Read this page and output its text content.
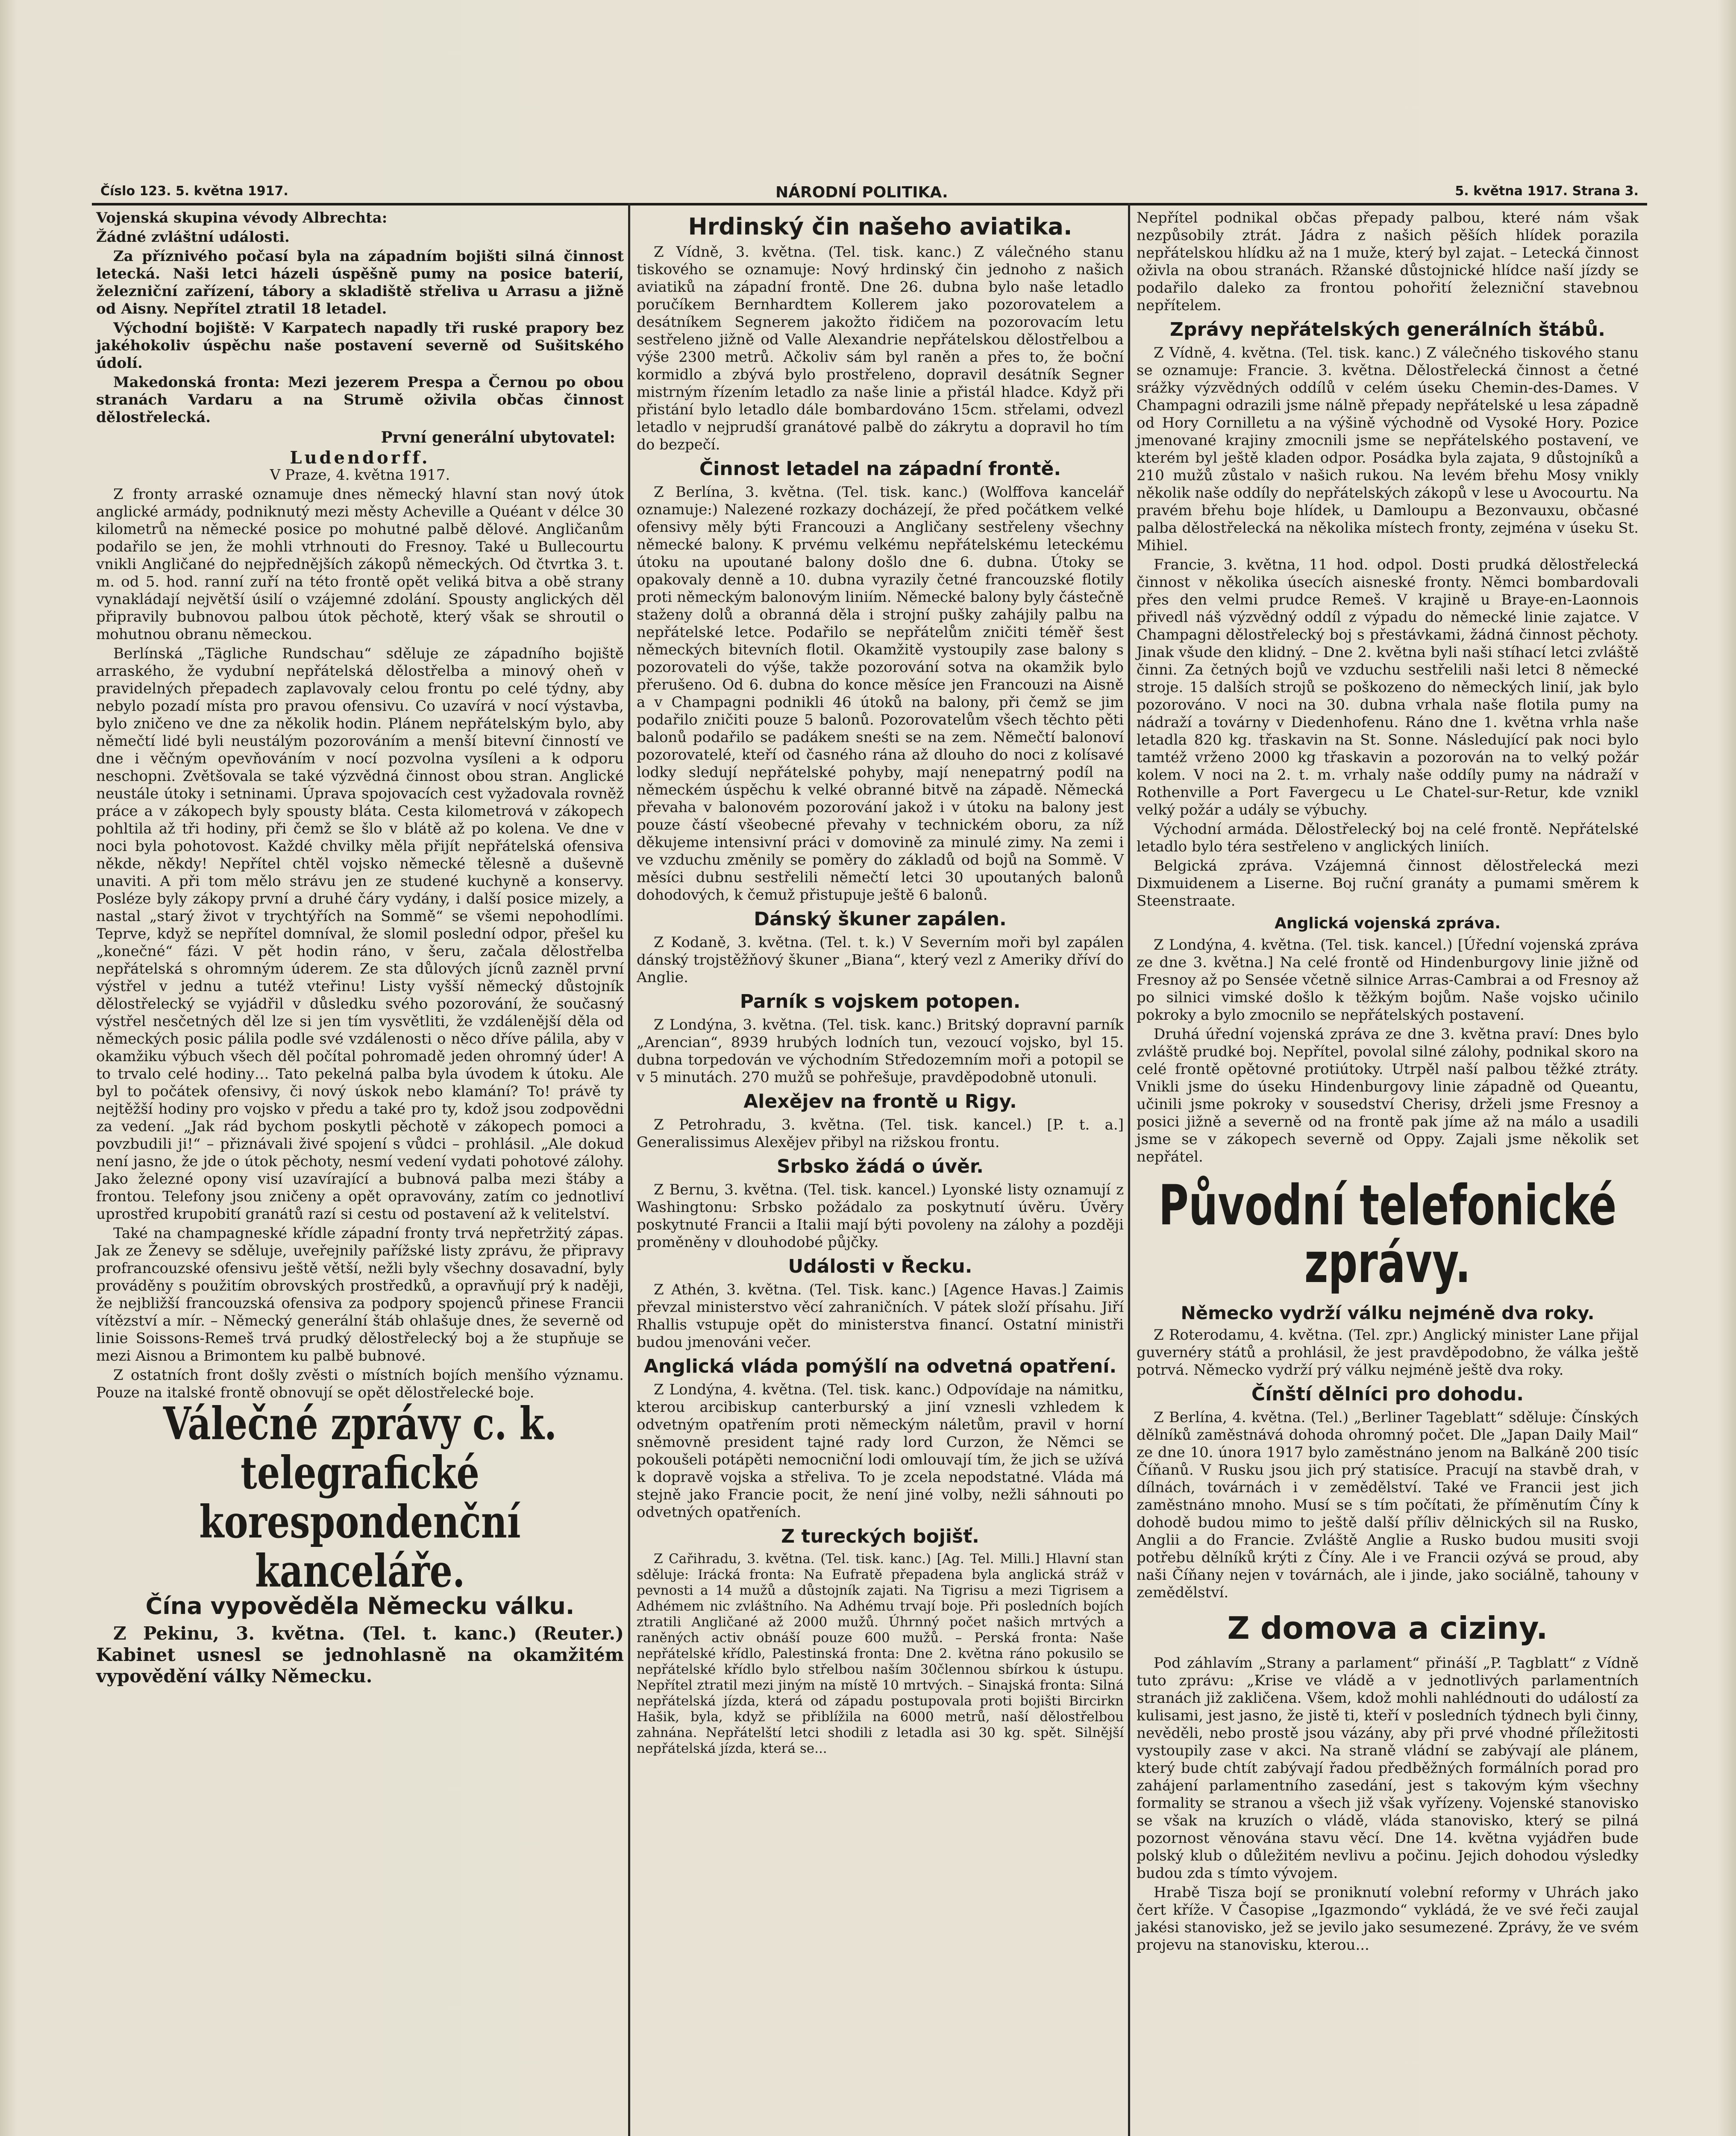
Číslo 123. 5. května 1917.	NÁRODNÍ POLITIKA.	5. května 1917. Strana 3.

Vojenská skupina vévody Albrechta:

Žádné zvláštní události.

Za příznivého počasí byla na západním bojišti silná činnost letecká. Naši letci házeli úspěšně pumy na posice baterií, železniční zařízení, tábory a skladiště střeliva u Arrasu a jižně od Aisny. Nepřítel ztratil 18 letadel.

Východní bojiště: V Karpatech napadly tři ruské prapory bez jakéhokoliv úspěchu naše postavení severně od Sušitského údolí.

Makedonská fronta: Mezi jezerem Prespa a Černou po obou stranách Vardaru a na Strumě oživila občas činnost dělostřelecká.

První generální ubytovatel:
Ludendorff.

V Praze, 4. května 1917.

Z fronty arraské oznamuje dnes německý hlavní stan nový útok anglické armády, podniknutý mezi městy Acheville a Quéant v délce 30 kilometrů na německé posice po mohutné palbě dělové. Angličanům podařilo se jen, že mohli vtrhnouti do Fresnoy. Také u Bullecourtu vnikli Angličané do nejpřednějších zákopů německých. Od čtvrtka 3. t. m. od 5. hod. ranní zuří na této frontě opět veliká bitva a obě strany vynakládají největší úsilí o vzájemné zdolání. Spousty anglických děl připravily bubnovou palbou útok pěchotě, který však se shroutil o mohutnou obranu německou.

Berlínská „Tägliche Rundschau“ sděluje ze západního bojiště arraského, že vydubní nepřátelská dělostřelba a minový oheň v pravidelných přepadech zaplavovaly celou frontu po celé týdny, aby nebylo pozadí místa pro pravou ofensivu. Co uzavírá v nocí výstavba, bylo zničeno ve dne za několik hodin. Plánem nepřátelským bylo, aby němečtí lidé byli neustálým pozorováním a menší bitevní činností ve dne i věčným opevňováním v nocí pozvolna vysíleni a k odporu neschopni. Zvětšovala se také výzvědná činnost obou stran. Anglické neustále útoky i setninami. Úprava spojovacích cest vyžadovala rovněž práce a v zákopech byly spousty bláta. Cesta kilometrová v zákopech pohltila až tři hodiny, při čemž se šlo v blátě až po kolena. Ve dne v noci byla pohotovost. Každé chvilky měla přijít nepřátelská ofensiva někde, někdy! Nepřítel chtěl vojsko německé tělesně a duševně unaviti. A při tom mělo strávu jen ze studené kuchyně a konservy. Posléze byly zákopy první a druhé čáry vydány, i další posice mizely, a nastal „starý život v trychtýřích na Sommě“ se všemi nepohodlími. Teprve, když se nepřítel domníval, že slomil poslední odpor, přešel ku „konečné“ fázi. V pět hodin ráno, v šeru, začala dělostřelba nepřátelská s ohromným úderem. Ze sta důlových jícnů zazněl první výstřel v jednu a tutéž vteřinu! Listy vyšší německý důstojník dělostřelecký se vyjádřil v důsledku svého pozorování, že současný výstřel nesčetných děl lze si jen tím vysvětliti, že vzdálenější děla od německých posic pálila podle své vzdálenosti o něco dříve pálila, aby v okamžiku výbuch všech děl počítal pohromadě jeden ohromný úder! A to trvalo celé hodiny… Tato pekelná palba byla úvodem k útoku. Ale byl to počátek ofensivy, či nový úskok nebo klamání? To! právě ty nejtěžší hodiny pro vojsko v předu a také pro ty, kdož jsou zodpovědni za vedení. „Jak rád bychom poskytli pěchotě v zákopech pomoci a povzbudili ji!“ – přiznávali živé spojení s vůdci – prohlásil. „Ale dokud není jasno, že jde o útok pěchoty, nesmí vedení vydati pohotové zálohy. Jako železné opony visí uzavírající a bubnová palba mezi štáby a frontou. Telefony jsou zničeny a opět opravovány, zatím co jednotliví uprostřed krupobití granátů razí si cestu od postavení až k velitelství.

Také na champagneské křídle západní fronty trvá nepřetržitý zápas. Jak ze Ženevy se sděluje, uveřejnily pařížské listy zprávu, že připravy profrancouzské ofensivu ještě větší, nežli byly všechny dosavadní, byly prováděny s použitím obrovských prostředků, a opravňují prý k naději, že nejbližší francouzská ofensiva za podpory spojenců přinese Francii vítězství a mír. – Německý generální štáb ohlašuje dnes, že severně od linie Soissons-Remeš trvá prudký dělostřelecký boj a že stupňuje se mezi Aisnou a Brimontem ku palbě bubnové.

Z ostatních front došly zvěsti o místních bojích menšího významu. Pouze na italské frontě obnovují se opět dělostřelecké boje.

Válečné zprávy c. k. telegrafické korespondenční kanceláře.
Čína vypověděla Německu válku.

Z Pekinu, 3. května. (Tel. t. kanc.) (Reuter.) Kabinet usnesl se jednohlasně na okamžitém vypovědění války Německu.

Hrdinský čin našeho aviatika.

Z Vídně, 3. května. (Tel. tisk. kanc.) Z válečného stanu tiskového se oznamuje: Nový hrdinský čin jednoho z našich aviatiků na západní frontě. Dne 26. dubna bylo naše letadlo poručíkem Bernhardtem Kollerem jako pozorovatelem a desátníkem Segnerem jakožto řidičem na pozorovacím letu sestřeleno jižně od Valle Alexandrie nepřátelskou dělostřelbou a výše 2300 metrů. Ačkoliv sám byl raněn a přes to, že boční kormidlo a zbývá bylo prostřeleno, dopravil desátník Segner mistrným řízením letadlo za naše linie a přistál hladce. Když při přistání bylo letadlo dále bombardováno 15cm. střelami, odvezl letadlo v nejprudší granátové palbě do zákrytu a dopravil ho tím do bezpečí.

Činnost letadel na západní frontě.

Z Berlína, 3. května. (Tel. tisk. kanc.) (Wolffova kancelář oznamuje:) Nalezené rozkazy docházejí, že před počátkem velké ofensivy měly býti Francouzi a Angličany sestřeleny všechny německé balony. K prvému velkému nepřátelskému leteckému útoku na upoutané balony došlo dne 6. dubna. Útoky se opakovaly denně a 10. dubna vyrazily četné francouzské flotily proti německým balonovým liniím. Německé balony byly částečně staženy dolů a obranná děla i strojní pušky zahájily palbu na nepřátelské letce. Podařilo se nepřátelům zničiti téměř šest německých bitevních flotil. Okamžitě vystoupily zase balony s pozorovateli do výše, takže pozorování sotva na okamžik bylo přerušeno. Od 6. dubna do konce měsíce jen Francouzi na Aisně a v Champagni podnikli 46 útoků na balony, při čemž se jim podařilo zničiti pouze 5 balonů. Pozorovatelům všech těchto pěti balonů podařilo se padákem sneśti se na zem. Němečtí balonoví pozorovatelé, kteří od časného rána až dlouho do noci z kolísavé lodky sledují nepřátelské pohyby, mají nenepatrný podíl na německém úspěchu k velké obranné bitvě na západě. Německá převaha v balonovém pozorování jakož i v útoku na balony jest pouze částí všeobecné převahy v technickém oboru, za níž děkujeme intensivní práci v domovině za minulé zimy. Na zemi i ve vzduchu změnily se poměry do základů od bojů na Sommě. V měsíci dubnu sestřelili němečtí letci 30 upoutaných balonů dohodových, k čemuž přistupuje ještě 6 balonů.

Dánský škuner zapálen.

Z Kodaně, 3. května. (Tel. t. k.) V Severním moři byl zapálen dánský trojstěžňový škuner „Biana“, který vezl z Ameriky dříví do Anglie.

Parník s vojskem potopen.

Z Londýna, 3. května. (Tel. tisk. kanc.) Britský dopravní parník „Arencian“, 8939 hrubých lodních tun, vezoucí vojsko, byl 15. dubna torpedován ve východním Středozemním moři a potopil se v 5 minutách. 270 mužů se pohřešuje, pravděpodobně utonuli.

Alexějev na frontě u Rigy.

Z Petrohradu, 3. května. (Tel. tisk. kancel.) [P. t. a.] Generalissimus Alexějev přibyl na rižskou frontu.

Srbsko žádá o úvěr.

Z Bernu, 3. května. (Tel. tisk. kancel.) Lyonské listy oznamují z Washingtonu: Srbsko požádalo za poskytnutí úvěru. Úvěry poskytnuté Francii a Italii mají býti povoleny na zálohy a později proměněny v dlouhodobé půjčky.

Události v Řecku.

Z Athén, 3. května. (Tel. Tisk. kanc.) [Agence Havas.] Zaimis převzal ministerstvo věcí zahraničních. V pátek složí přísahu. Jiří Rhallis vstupuje opět do ministerstva financí. Ostatní ministři budou jmenováni večer.

Anglická vláda pomýšlí na odvetná opatření.

Z Londýna, 4. května. (Tel. tisk. kanc.) Odpovídaje na námitku, kterou arcibiskup canterburský a jiní vznesli vzhledem k odvetným opatřením proti německým náletům, pravil v horní sněmovně president tajné rady lord Curzon, že Němci se pokoušeli potápěti nemocniční lodi omlouvají tím, že jich se užívá k dopravě vojska a střeliva. To je zcela nepodstatné. Vláda má stejně jako Francie pocit, že není jiné volby, nežli sáhnouti po odvetných opatřeních.

Z tureckých bojišť.

Z Cařihradu, 3. května. (Tel. tisk. kanc.) [Ag. Tel. Milli.] Hlavní stan sděluje: Irácká fronta: Na Eufratě přepadena byla anglická stráž v pevnosti a 14 mužů a důstojník zajati. Na Tigrisu a mezi Tigrisem a Adhémem nic zvláštního. Na Adhému trvají boje. Při posledních bojích ztratili Angličané až 2000 mužů. Úhrnný počet našich mrtvých a raněných activ obnáší pouze 600 mužů. – Perská fronta: Naše nepřátelské křídlo, Palestinská fronta: Dne 2. května ráno pokusilo se nepřátelské křídlo bylo střelbou naším 30člennou sbírkou k ústupu. Nepřítel ztratil mezi jiným na místě 10 mrtvých. – Sinajská fronta: Silná nepřátelská jízda, která od západu postupovala proti bojišti Bircirkn Hašik, byla, když se přiblížila na 6000 metrů, naší dělostřelbou zahnána. Nepřátelští letci shodili z letadla asi 30 kg. spět. Silnější nepřátelská jízda, která se...

Nepřítel podnikal občas přepady palbou, které nám však nezpůsobily ztrát. Jádra z našich pěších hlídek porazila nepřátelskou hlídku až na 1 muže, který byl zajat. – Letecká činnost oživla na obou stranách. Ržanské důstojnické hlídce naší jízdy se podařilo daleko za frontou pohořití železniční stavebnou nepřítelem.

Zprávy nepřátelských generálních štábů.

Z Vídně, 4. května. (Tel. tisk. kanc.) Z válečného tiskového stanu se oznamuje: Francie. 3. května. Dělostřelecká činnost a četné srážky výzvědných oddílů v celém úseku Chemin-des-Dames. V Champagni odrazili jsme nálně přepady nepřátelské u lesa západně od Hory Cornilletu a na výšině východně od Vysoké Hory. Pozice jmenované krajiny zmocnili jsme se nepřátelského postavení, ve kterém byl ještě kladen odpor. Posádka byla zajata, 9 důstojníků a 210 mužů zůstalo v našich rukou. Na levém břehu Mosy vnikly několik naše oddíly do nepřátelských zákopů v lese u Avocourtu. Na pravém břehu boje hlídek, u Damloupu a Bezonvauxu, občasné palba dělostřelecká na několika místech fronty, zejména v úseku St. Mihiel.

Francie, 3. května, 11 hod. odpol. Dosti prudká dělostřelecká činnost v několika úsecích aisneské fronty. Němci bombardovali přes den velmi prudce Remeš. V krajině u Braye-en-Laonnois přivedl náš výzvědný oddíl z výpadu do německé linie zajatce. V Champagni dělostřelecký boj s přestávkami, žádná činnost pěchoty. Jinak všude den klidný. – Dne 2. května byli naši stíhací letci zvláště činni. Za četných bojů ve vzduchu sestřelili naši letci 8 německé stroje. 15 dalších strojů se poškozeno do německých linií, jak bylo pozorováno. V noci na 30. dubna vrhala naše flotila pumy na nádraží a továrny v Diedenhofenu. Ráno dne 1. května vrhla naše letadla 820 kg. třaskavin na St. Sonne. Následující pak noci bylo tamtéž vrženo 2000 kg třaskavin a pozorován na to velký požár kolem. V noci na 2. t. m. vrhaly naše oddíly pumy na nádraží v Rothenville a Port Favergecu u Le Chatel-sur-Retur, kde vznikl velký požár a udály se výbuchy.

Východní armáda. Dělostřelecký boj na celé frontě. Nepřátelské letadlo bylo téra sestřeleno v anglických liniích.

Belgická zpráva. Vzájemná činnost dělostřelecká mezi Dixmuidenem a Liserne. Boj ruční granáty a pumami směrem k Steenstraate.

Anglická vojenská zpráva.

Z Londýna, 4. května. (Tel. tisk. kancel.) [Úřední vojenská zpráva ze dne 3. května.] Na celé frontě od Hindenburgovy linie jižně od Fresnoy až po Sensée včetně silnice Arras-Cambrai a od Fresnoy až po silnici vimské došlo k těžkým bojům. Naše vojsko učinilo pokroky a bylo zmocnilo se nepřátelských postavení.

Druhá úřední vojenská zpráva ze dne 3. května praví: Dnes bylo zvláště prudké boj. Nepřítel, povolal silné zálohy, podnikal skoro na celé frontě opětovné protiútoky. Utrpěl naší palbou těžké ztráty. Vnikli jsme do úseku Hindenburgovy linie západně od Queantu, učinili jsme pokroky v sousedství Cherisy, drželi jsme Fresnoy a posici jižně a severně od na frontě pak jíme až na málo a usadili jsme se v zákopech severně od Oppy. Zajali jsme několik set nepřátel.

Původní telefonické zprávy.
Německo vydrží válku nejméně dva roky.

Z Roterodamu, 4. května. (Tel. zpr.) Anglický minister Lane přijal guvernéry států a prohlásil, že jest pravděpodobno, že válka ještě potrvá. Německo vydrží prý válku nejméně ještě dva roky.

Čínští dělníci pro dohodu.

Z Berlína, 4. května. (Tel.) „Berliner Tageblatt“ sděluje: Čínských dělníků zaměstnává dohoda ohromný počet. Dle „Japan Daily Mail“ ze dne 10. února 1917 bylo zaměstnáno jenom na Balkáně 200 tisíc Číňanů. V Rusku jsou jich prý statisíce. Pracují na stavbě drah, v dílnách, továrnách i v zemědělství. Také ve Francii jest jich zaměstnáno mnoho. Musí se s tím počítati, že příměnutím Číny k dohodě budou mimo to ještě další příliv dělnických sil na Rusko, Anglii a do Francie. Zvláště Anglie a Rusko budou musiti svoji potřebu dělníků krýti z Číny. Ale i ve Francii ozývá se proud, aby naši Číňany nejen v továrnách, ale i jinde, jako sociálně, tahouny v zemědělství.

Z domova a ciziny.

Pod záhlavím „Strany a parlament“ přináší „P. Tagblatt“ z Vídně tuto zprávu: „Krise ve vládě a v jednotlivých parlamentních stranách již zakličena. Všem, kdož mohli nahlédnouti do událostí za kulisami, jest jasno, že jistě ti, kteří v posledních týdnech byli činny, nevěděli, nebo prostě jsou vázány, aby při prvé vhodné příležitosti vystoupily zase v akci. Na straně vládní se zabývají ale plánem, který bude chtít zabývají řadou předběžných formálních porad pro zahájení parlamentního zasedání, jest s takovým kým všechny formality se stranou a všech již však vyřízeny. Vojenské stanovisko se však na kruzích o vládě, vláda stanovisko, který se pilná pozornost věnována stavu věcí. Dne 14. května vyjádřen bude polský klub o důležitém nevlivu a počinu. Jejich dohodou výsledky budou zda s tímto vývojem.

Hrabě Tisza bojí se proniknutí volební reformy v Uhrách jako čert kříže. V Časopise „Igazmondo“ vykládá, že ve své řeči zaujal jakési stanovisko, jež se jevilo jako sesumezené. Zprávy, že ve svém projevu na stanovisku, kterou...
